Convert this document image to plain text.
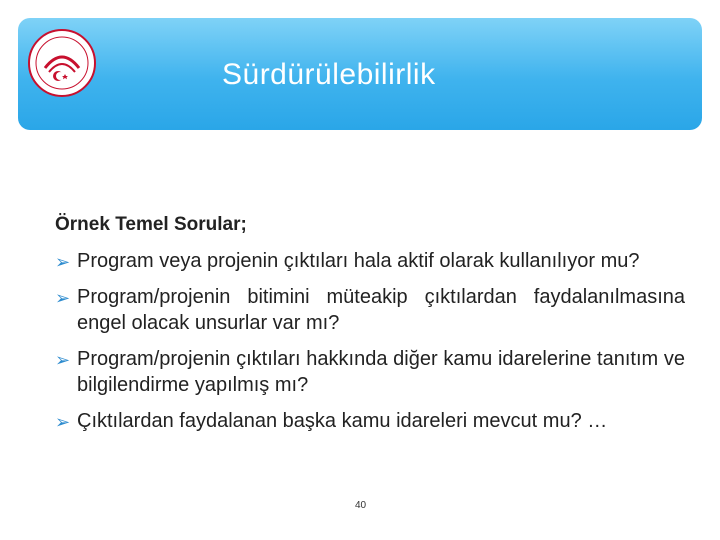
Sürdürülebilirlik
Örnek Temel Sorular;
➢ Program veya projenin çıktıları hala aktif olarak kullanılıyor mu?
➢ Program/projenin bitimini müteakip çıktılardan faydalanılmasına engel olacak unsurlar var mı?
➢ Program/projenin çıktıları hakkında diğer kamu idarelerine tanıtım ve bilgilendirme yapılmış mı?
➢ Çıktılardan faydalanan başka kamu idareleri mevcut mu? …
40
